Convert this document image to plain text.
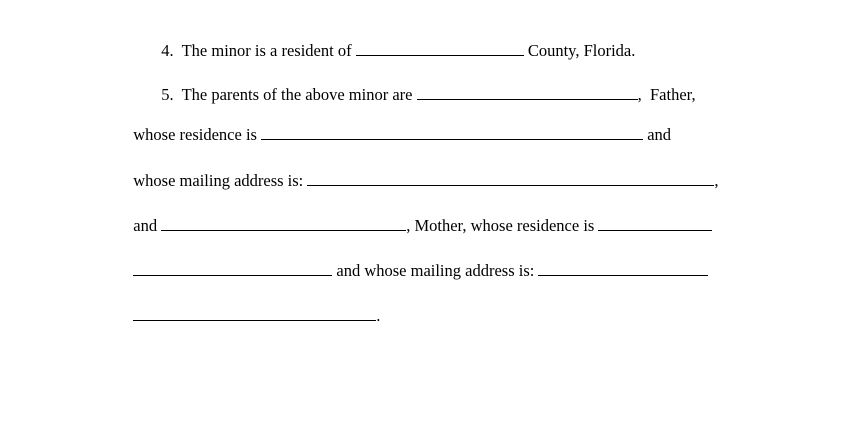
4. The minor is a resident of	County, Florida.

5. The parents of the above minor are	,  Father,

whose residence is	and

whose mailing address is:	,

and	, Mother, whose residence is

and whose mailing address is:

.
